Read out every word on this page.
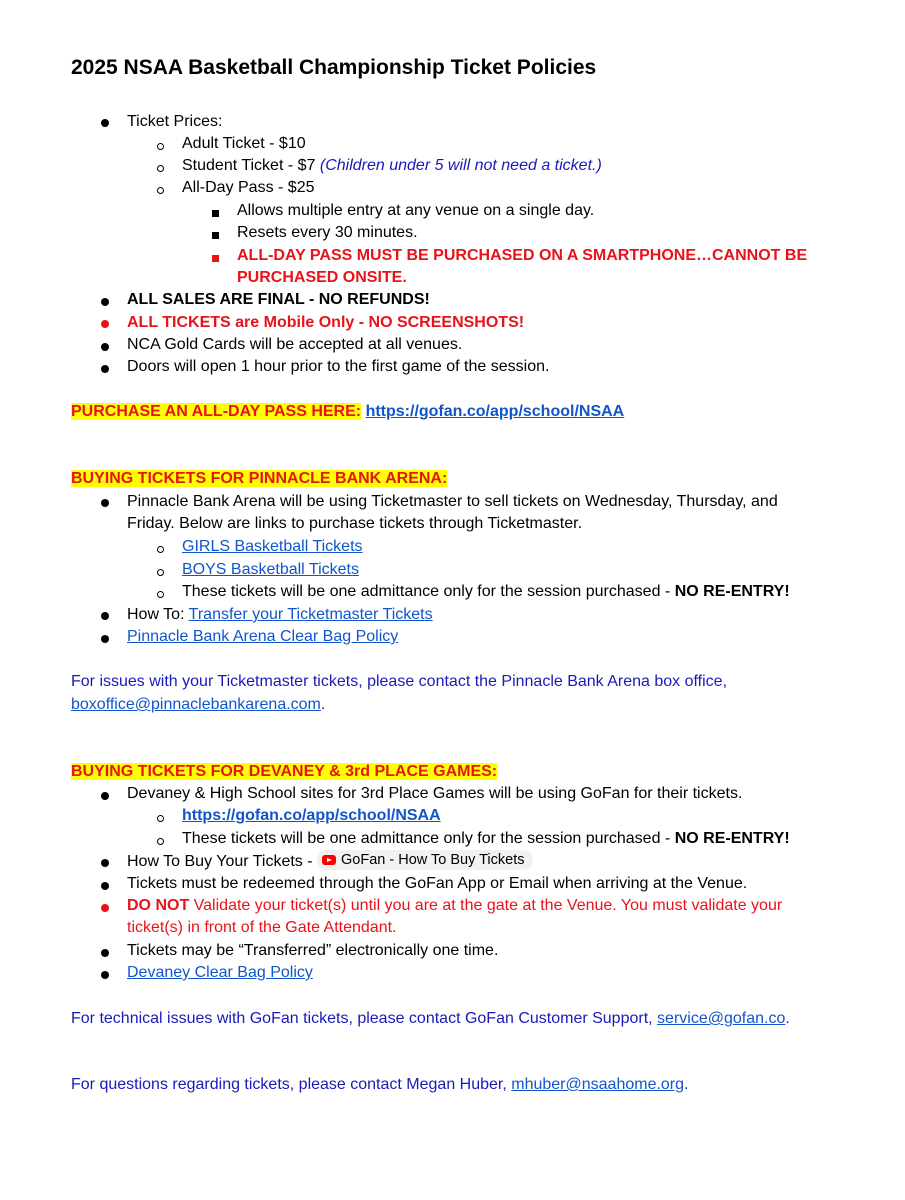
2025 NSAA Basketball Championship Ticket Policies
Ticket Prices:
Adult Ticket - $10
Student Ticket - $7 (Children under 5 will not need a ticket.)
All-Day Pass - $25
Allows multiple entry at any venue on a single day.
Resets every 30 minutes.
ALL-DAY PASS MUST BE PURCHASED ON A SMARTPHONE…CANNOT BE
PURCHASED ONSITE.
ALL SALES ARE FINAL - NO REFUNDS!
ALL TICKETS are Mobile Only - NO SCREENSHOTS!
NCA Gold Cards will be accepted at all venues.
Doors will open 1 hour prior to the first game of the session.
PURCHASE AN ALL-DAY PASS HERE: https://gofan.co/app/school/NSAA
BUYING TICKETS FOR PINNACLE BANK ARENA:
Pinnacle Bank Arena will be using Ticketmaster to sell tickets on Wednesday, Thursday, and
Friday. Below are links to purchase tickets through Ticketmaster.
GIRLS Basketball Tickets
BOYS Basketball Tickets
These tickets will be one admittance only for the session purchased - NO RE-ENTRY!
How To: Transfer your Ticketmaster Tickets
Pinnacle Bank Arena Clear Bag Policy
For issues with your Ticketmaster tickets, please contact the Pinnacle Bank Arena box office,
boxoffice@pinnaclebankarena.com.
BUYING TICKETS FOR DEVANEY & 3rd PLACE GAMES:
Devaney & High School sites for 3rd Place Games will be using GoFan for their tickets.
https://gofan.co/app/school/NSAA
These tickets will be one admittance only for the session purchased - NO RE-ENTRY!
How To Buy Your Tickets - GoFan - How To Buy Tickets
Tickets must be redeemed through the GoFan App or Email when arriving at the Venue.
DO NOT Validate your ticket(s) until you are at the gate at the Venue. You must validate your
ticket(s) in front of the Gate Attendant.
Tickets may be “Transferred” electronically one time.
Devaney Clear Bag Policy
For technical issues with GoFan tickets, please contact GoFan Customer Support, service@gofan.co.
For questions regarding tickets, please contact Megan Huber, mhuber@nsaahome.org.
